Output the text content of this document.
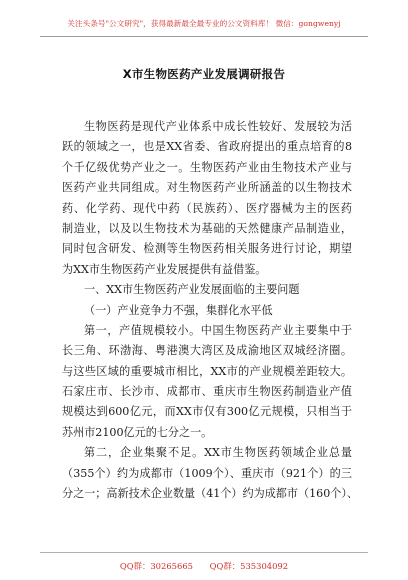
关注头条号"公文研究"，获得最新最全最专业的公文资料库！ 微信：gongwenyj
X市生物医药产业发展调研报告
生物医药是现代产业体系中成长性较好、发展较为活
跃的领域之一，也是XX省委、省政府提出的重点培育的8
个千亿级优势产业之一。生物医药产业由生物技术产业与
医药产业共同组成。对生物医药产业所涵盖的以生物技术
药、化学药、现代中药（民族药）、医疗器械为主的医药
制造业，以及以生物技术为基础的天然健康产品制造业，
同时包含研发、检测等生物医药相关服务进行讨论，期望
为XX市生物医药产业发展提供有益借鉴。
一、XX市生物医药产业发展面临的主要问题
（一）产业竞争力不强，集群化水平低
第一，产值规模较小。中国生物医药产业主要集中于
长三角、环渤海、粤港澳大湾区及成渝地区双城经济圈。
与这些区域的重要城市相比，XX市的产业规模差距较大。
石家庄市、长沙市、成都市、重庆市生物医药制造业产值
规模达到600亿元，而XX市仅有300亿元规模，只相当于
苏州市2100亿元的七分之一。
第二，企业集聚不足。XX市生物医药领域企业总量
（355个）约为成都市（1009个）、重庆市（921个）的三
分之一；高新技术企业数量（41个）约为成都市（160个）、
QQ群：30265665 QQ群：535304092
